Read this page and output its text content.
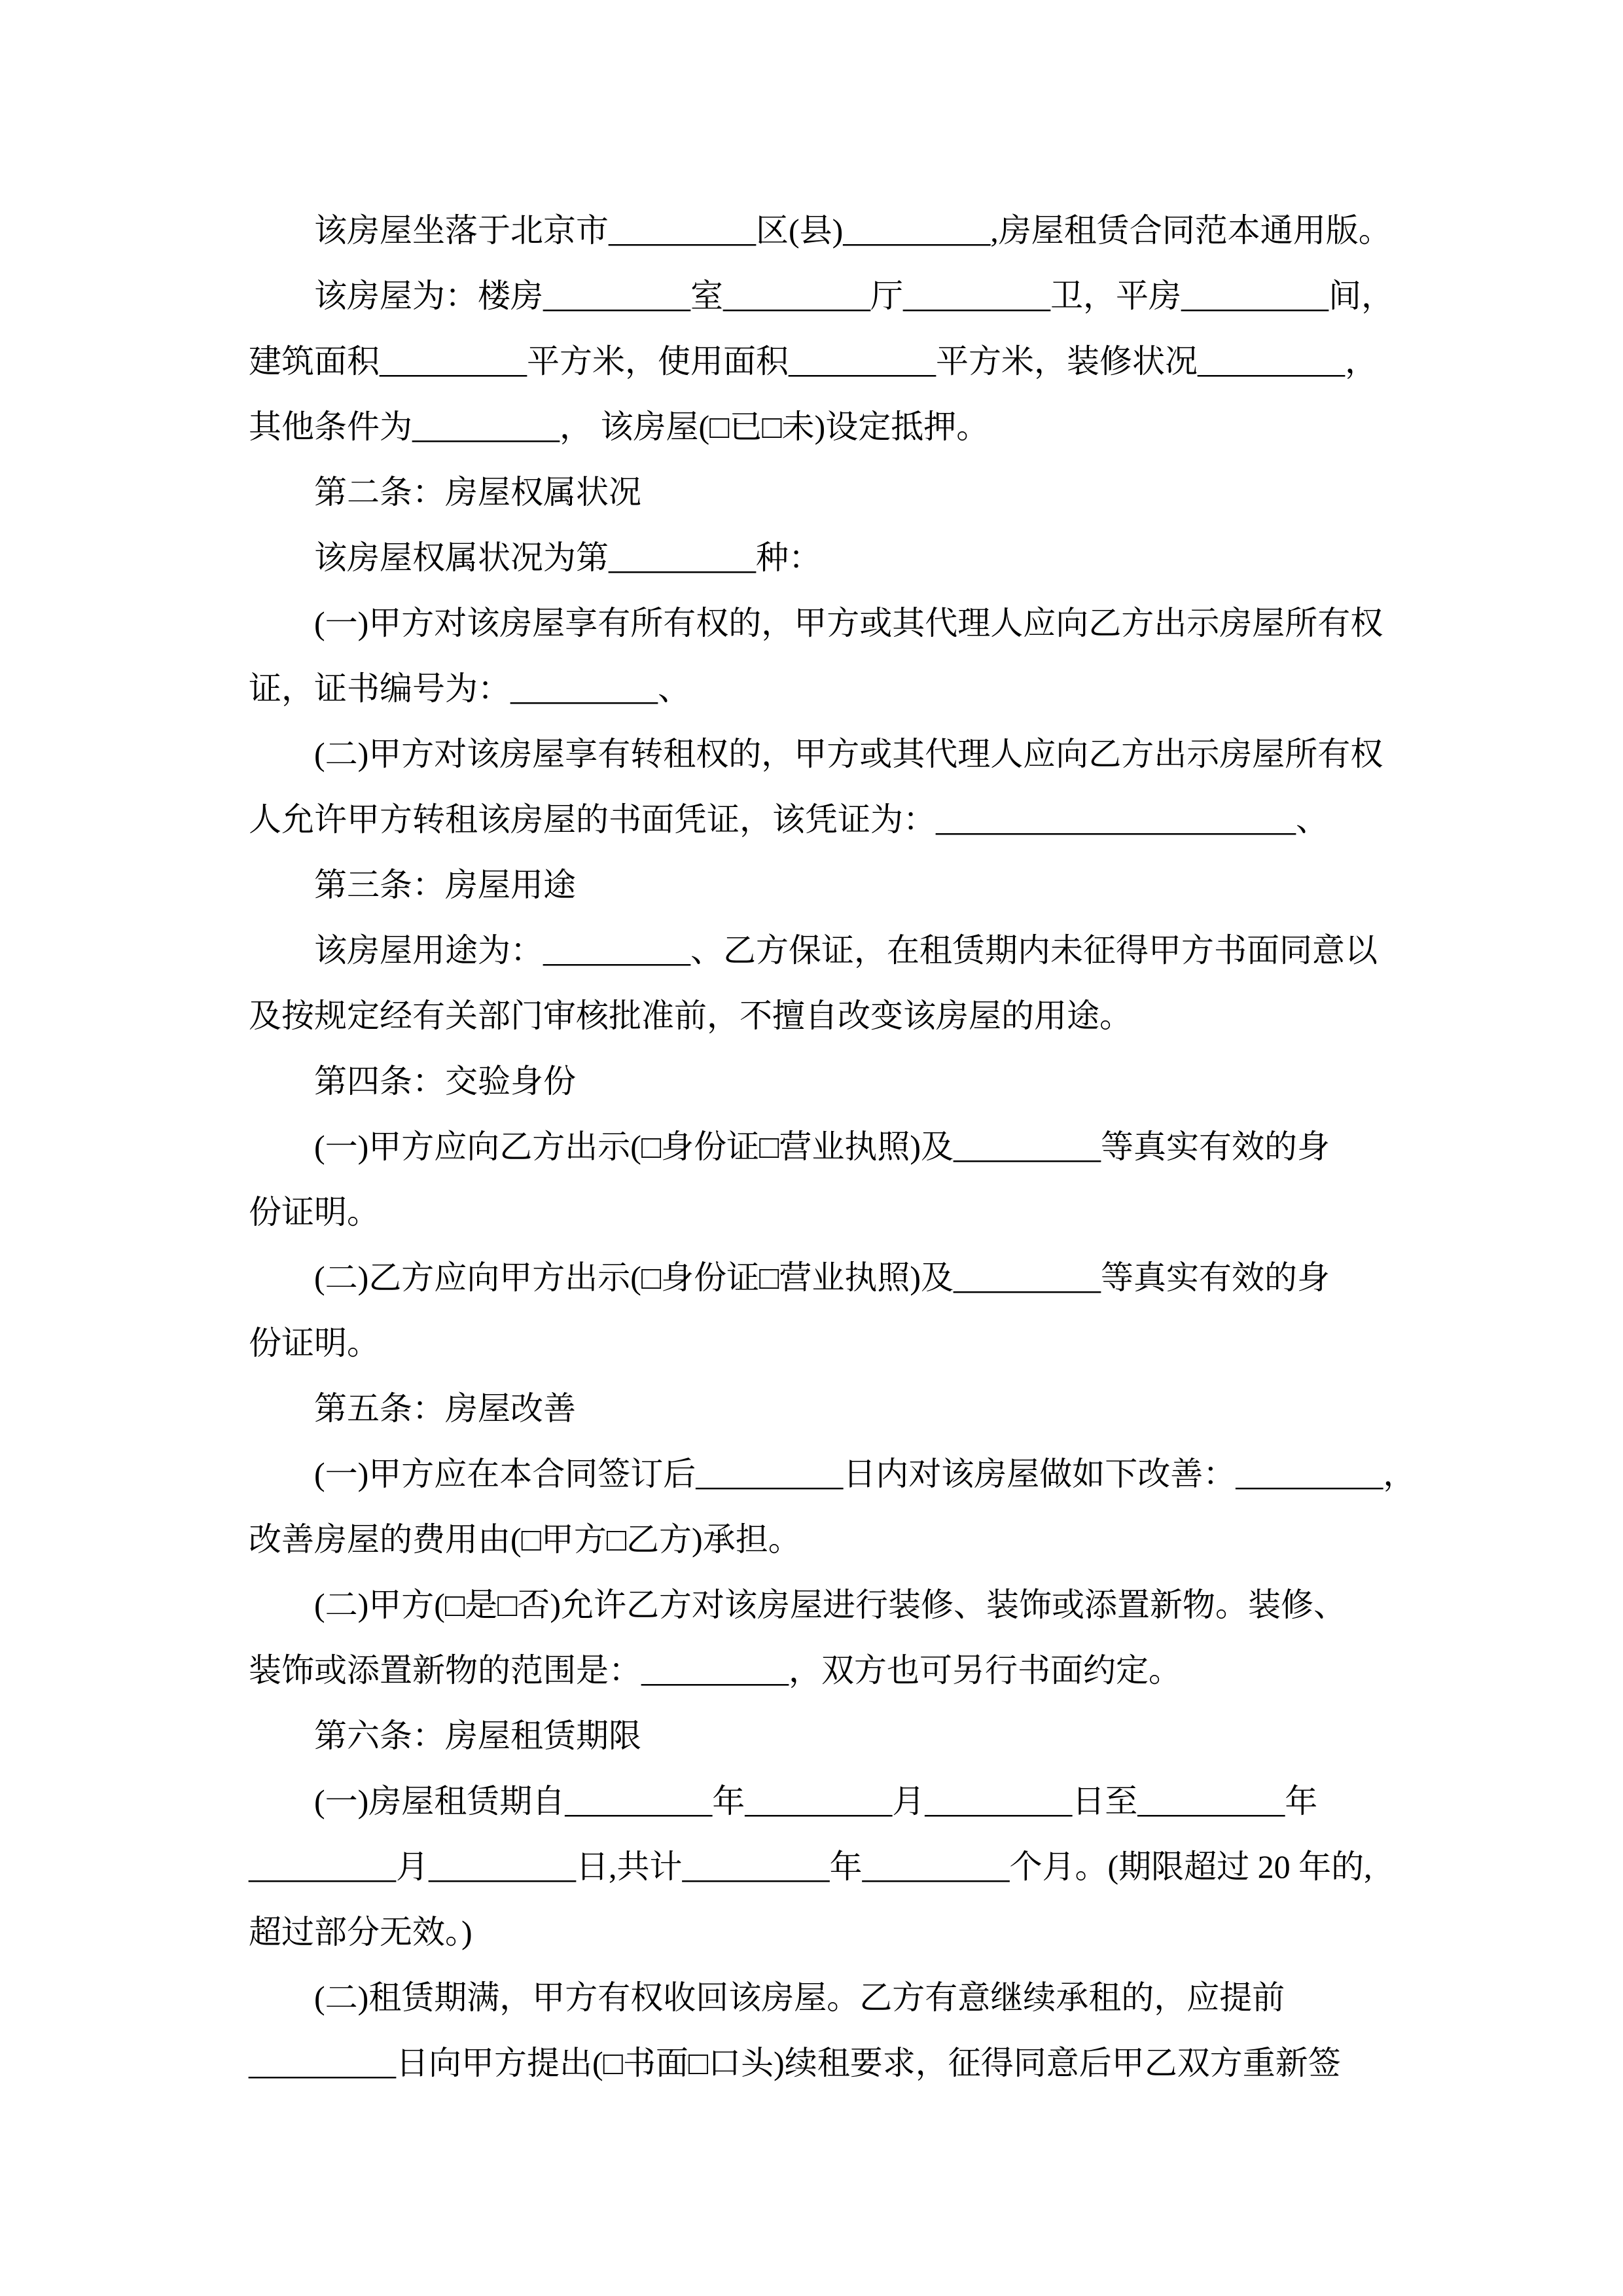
该房屋坐落于北京市_________区(县)_________,房屋租赁合同范本通用版。
该房屋为：楼房_________室_________厅_________卫，平房_________间，
建筑面积_________平方米，使用面积_________平方米，装修状况_________，
其他条件为_________， 该房屋(□已□未)设定抵押。
第二条：房屋权属状况
该房屋权属状况为第_________种：
(一)甲方对该房屋享有所有权的，甲方或其代理人应向乙方出示房屋所有权
证，证书编号为：_________、
(二)甲方对该房屋享有转租权的，甲方或其代理人应向乙方出示房屋所有权
人允许甲方转租该房屋的书面凭证，该凭证为：______________________、
第三条：房屋用途
该房屋用途为：_________、乙方保证，在租赁期内未征得甲方书面同意以
及按规定经有关部门审核批准前，不擅自改变该房屋的用途。
第四条：交验身份
(一)甲方应向乙方出示(□身份证□营业执照)及_________等真实有效的身
份证明。
(二)乙方应向甲方出示(□身份证□营业执照)及_________等真实有效的身
份证明。
第五条：房屋改善
(一)甲方应在本合同签订后_________日内对该房屋做如下改善：_________，
改善房屋的费用由(□甲方□乙方)承担。
(二)甲方(□是□否)允许乙方对该房屋进行装修、装饰或添置新物。装修、
装饰或添置新物的范围是：_________，双方也可另行书面约定。
第六条：房屋租赁期限
(一)房屋租赁期自_________年_________月_________日至_________年
_________月_________日,共计_________年_________个月。(期限超过 20 年的,
超过部分无效。)
(二)租赁期满，甲方有权收回该房屋。乙方有意继续承租的，应提前
_________日向甲方提出(□书面□口头)续租要求，征得同意后甲乙双方重新签
